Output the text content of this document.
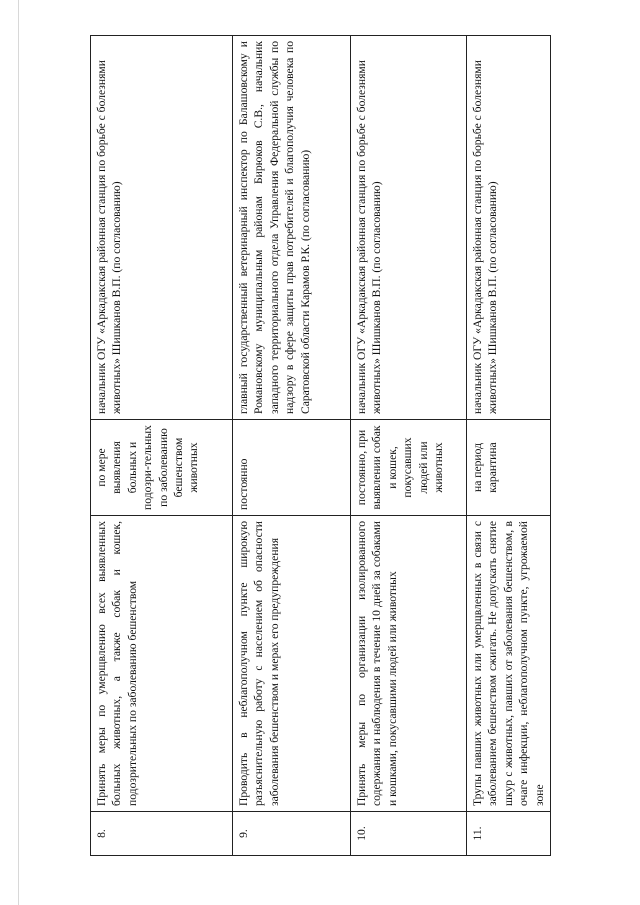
8.	Принять меры по умерщвлению всех выявленных больных животных, а также собак и кошек, подозрительных по заболеванию бешенством	по мере выявления больных и подозри-тельных по заболеванию бешенством животных	начальник ОГУ «Аркадакская районная станция по борьбе с болезнями животных» Шишканов В.П. (по согласованию)
9.	Проводить в неблагополучном пункте широкую разъяснительную работу с населением об опасности заболевания бешенством и мерах его предупреждения	постоянно	главный государственный ветеринарный инспектор по Балашовскому и Романовскому муниципальным районам Бирюков С.В., начальник западного территориального отдела Управления Федеральной службы по надзору в сфере защиты прав потребителей и благополучия человека по Саратовской области Карамов Р.К. (по согласованию)
10.	Принять меры по организации изолированного содержания и наблюдения в течение 10 дней за собаками и кошками, покусавшими людей или животных	постоянно, при выявлении собак и кошек, покусавших людей или животных	начальник ОГУ «Аркадакская районная станция по борьбе с болезнями животных» Шишканов В.П. (по согласованию)
11.	Трупы павших животных или умерщвленных в связи с заболеванием бешенством сжигать. Не допускать снятие шкур с животных, павших от заболевания бешенством, в очаге инфекции, неблагополучном пункте, угрожаемой зоне	на период карантина	начальник ОГУ «Аркадакская районная станция по борьбе с болезнями животных» Шишканов В.П. (по согласованию)
